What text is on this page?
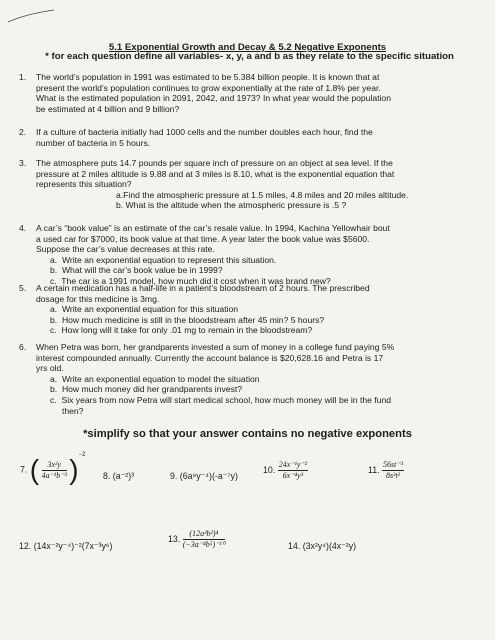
5.1 Exponential Growth and Decay & 5.2 Negative Exponents
* for each question define all variables- x, y, a and b as they relate to the specific situation
1. The world’s population in 1991 was estimated to be 5.384 billion people. It is known that at
present the world’s population continues to grow exponentially at the rate of 1.8% per year.
What is the estimated population in 2091, 2042, and 1973? In what year would the population
be estimated at 4 billion and 9 billion?
2. If a culture of bacteria initially had 1000 cells and the number doubles each hour, find the
number of bacteria in 5 hours.
3. The atmosphere puts 14.7 pounds per square inch of pressure on an object at sea level. If the
pressure at 2 miles altitude is 9.88 and at 3 miles is 8.10, what is the exponential equation that
represents this situation?
a.Find the atmospheric pressure at 1.5 miles, 4.8 miles and 20 miles altitude.
b. What is the altitude when the atmospheric pressure is .5 ?
4. A car’s “book value” is an estimate of the car’s resale value. In 1994, Kachina Yellowhair bout
a used car for $7000, its book value at that time. A year later the book value was $5600.
Suppose the car’s value decreases at this rate.
a.  Write an exponential equation to represent this situation.
b.  What will the car’s book value be in 1999?
c.  The car is a 1991 model, how much did it cost when it was brand new?
5. A certain medication has a half-life in a patient’s bloodstream of 2 hours. The prescribed
dosage for this medicine is 3mg.
a.  Write an exponential equation for this situation
b.  How much medicine is still in the bloodstream after 45 min? 5 hours?
c.  How long will it take for only .01 mg to remain in the bloodstream?
6. When Petra was born, her grandparents invested a sum of money in a college fund paying 5%
interest compounded annually. Currently the account balance is $20,628.16 and Petra is 17
yrs old.
a.  Write an exponential equation to model the situation
b.  How much money did her grandparents invest?
c.  Six years from now Petra will start medical school, how much money will be in the fund
then?
*simplify so that your answer contains no negative exponents
7. ( $\frac{\text{3x²y}}{\text{4a⁻¹b⁻³}} )^{-2}$
8. (a⁻²)³	9. (6a⁸y⁻⁴)(-a⁻⁷y)
10. $\frac{\text{24x⁻¹y⁻²}}{\text{6x⁻⁴y³}}$	11. $\frac{\text{56st⁻³}}{\text{8s³t²}}$
12. (14x⁻²y⁻⁴)⁻²(7x⁻³y⁶)
13. $\frac{\text{(12a³b²)⁴}}{\text{(−3a⁻⁴b⁵)⁻¹⁰}}$	14. (3x²y⁴)(4x⁻²y)
